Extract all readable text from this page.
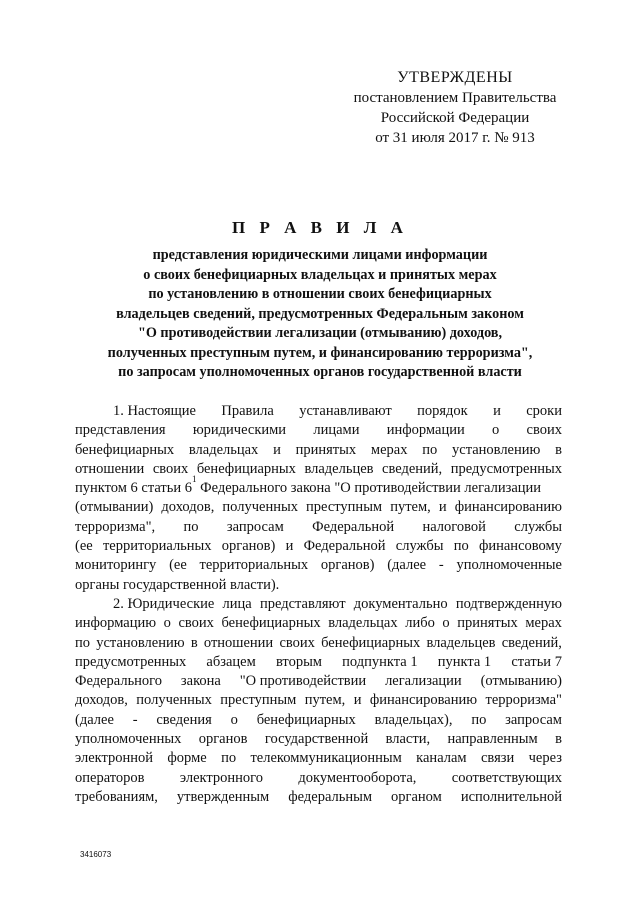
УТВЕРЖДЕНЫ
постановлением Правительства
Российской Федерации
от 31 июля 2017 г. № 913
П Р А В И Л А
представления юридическими лицами информации
о своих бенефициарных владельцах и принятых мерах
по установлению в отношении своих бенефициарных
владельцев сведений, предусмотренных Федеральным законом
"О противодействии легализации (отмыванию) доходов,
полученных преступным путем, и финансированию терроризма",
по запросам уполномоченных органов государственной власти
1. Настоящие Правила устанавливают порядок и сроки
представления юридическими лицами информации о своих
бенефициарных владельцах и принятых мерах по установлению в
отношении своих бенефициарных владельцев сведений, предусмотренных
пунктом 6 статьи 6
1
Федерального закона "О противодействии легализации
(отмывании) доходов, полученных преступным путем, и финансированию
терроризма", по запросам Федеральной налоговой службы
(ее территориальных органов) и Федеральной службы по финансовому
мониторингу (ее территориальных органов) (далее - уполномоченные
органы государственной власти).
2. Юридические лица представляют документально подтвержденную
информацию о своих бенефициарных владельцах либо о принятых мерах
по установлению в отношении своих бенефициарных владельцев сведений,
предусмотренных абзацем вторым подпункта 1 пункта 1 статьи 7
Федерального закона "О противодействии легализации (отмыванию)
доходов, полученных преступным путем, и финансированию терроризма"
(далее - сведения о бенефициарных владельцах), по запросам
уполномоченных органов государственной власти, направленным в
электронной форме по телекоммуникационным каналам связи через
операторов электронного документооборота, соответствующих
требованиям, утвержденным федеральным органом исполнительной
3416073
